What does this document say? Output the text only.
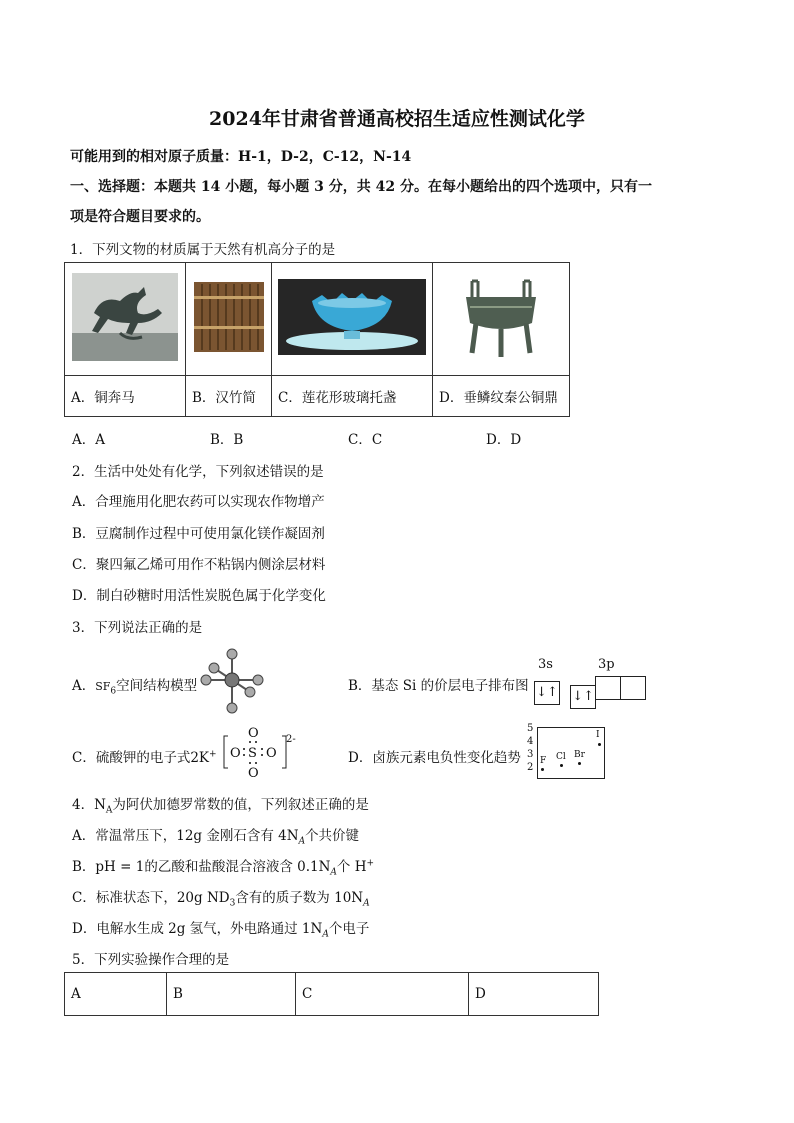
2024年甘肃省普通高校招生适应性测试化学
可能用到的相对原子质量：H-1，D-2，C-12，N-14
一、选择题：本题共 14 小题，每小题 3 分，共 42 分。在每小题给出的四个选项中，只有一
项是符合题目要求的。
1．下列文物的材质属于天然有机高分子的是

A．铜奔马	B．汉竹简	C．莲花形玻璃托盏	D．垂鳞纹秦公铜鼎
A．A	B．B	C．C	D．D
2．生活中处处有化学，下列叙述错误的是
A．合理施用化肥农药可以实现农作物增产
B．豆腐制作过程中可使用氯化镁作凝固剂
C．聚四氟乙烯可用作不粘锅内侧涂层材料
D．制白砂糖时用活性炭脱色属于化学变化
3．下列说法正确的是
A．$SF_6$空间结构模型	B．基态 Si 的价层电子排布图
3s	3p
↓↑ ↓↑
C．硫酸钾的电子式2K+ O S O
O
O
2-
D．卤族元素电负性变化趋势
5
4
3
2
F Cl Br
I
4．$N_A$为阿伏加德罗常数的值，下列叙述正确的是
A．常温常压下，12g 金刚石含有 $4N_A$个共价键
B．pH = 1的乙酸和盐酸混合溶液含 $0.1N_A$个 H+
C．标准状态下，20g $ND_3$含有的质子数为 $10N_A$
D．电解水生成 2g 氢气，外电路通过 $1N_A$个电子
5．下列实验操作合理的是
A	B	C	D
